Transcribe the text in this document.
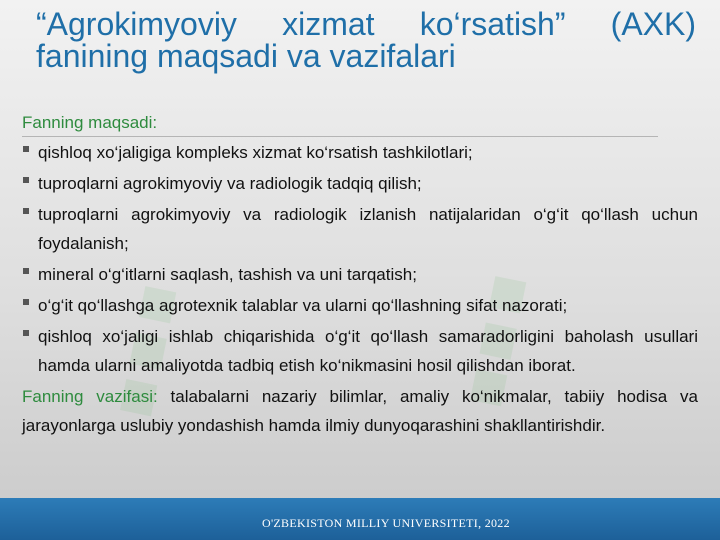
“Agrokimyoviy xizmat ko‘rsatish” (AXK)
fanining maqsadi va vazifalari
Fanning maqsadi:
qishloq xo‘jaligiga kompleks xizmat ko‘rsatish tashkilotlari;
tuproqlarni agrokimyoviy va radiologik tadqiq qilish;
tuproqlarni agrokimyoviy va radiologik izlanish natijalaridan o‘g‘it qo‘llash uchun foydalanish;
mineral o‘g‘itlarni saqlash, tashish va uni tarqatish;
o‘g‘it qo‘llashga agrotexnik talablar va ularni qo‘llashning sifat nazorati;
qishloq xo‘jaligi ishlab chiqarishida o‘g‘it qo‘llash samaradorligini baholash usullari hamda ularni amaliyotda tadbiq etish ko‘nikmasini hosil qilishdan iborat.
Fanning vazifasi: talabalarni nazariy bilimlar, amaliy ko‘nikmalar, tabiiy hodisa va jarayonlarga uslubiy yondashish hamda ilmiy dunyoqarashini shakllantirishdir.
O'ZBEKISTON MILLIY UNIVERSITETI, 2022
